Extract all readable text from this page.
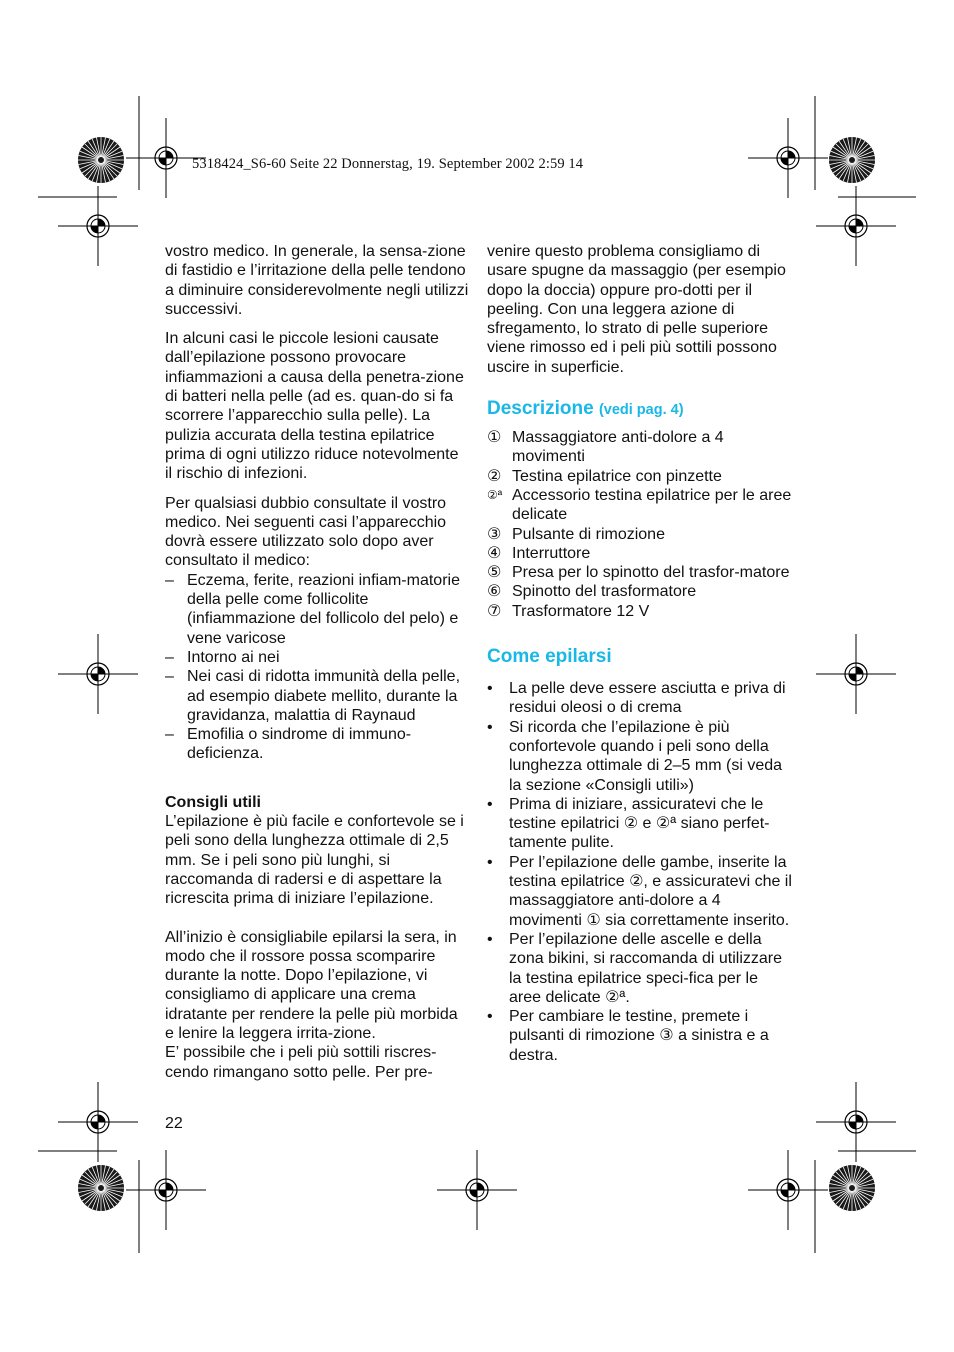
5318424_S6-60 Seite 22 Donnerstag, 19. September 2002 2:59 14

vostro medico. In generale, la sensa-zione di fastidio e l’irritazione della pelle tendono a diminuire considerevolmente negli utilizzi successivi.

In alcuni casi le piccole lesioni causate dall’epilazione possono provocare infiammazioni a causa della penetra-zione di batteri nella pelle (ad es. quan-do si fa scorrere l’apparecchio sulla pelle). La pulizia accurata della testina epilatrice prima di ogni utilizzo riduce notevolmente il rischio di infezioni.

Per qualsiasi dubbio consultate il vostro medico. Nei seguenti casi l’apparecchio dovrà essere utilizzato solo dopo aver consultato il medico:

– Eczema, ferite, reazioni infiam-matorie della pelle come follicolite (infiammazione del follicolo del pelo) e vene varicose
– Intorno ai nei
– Nei casi di ridotta immunità della pelle, ad esempio diabete mellito, durante la gravidanza, malattia di Raynaud
– Emofilia o sindrome di immuno-deficienza.
Consigli utili

L’epilazione è più facile e confortevole se i peli sono della lunghezza ottimale di 2,5 mm. Se i peli sono più lunghi, si raccomanda di radersi e di aspettare la ricrescita prima di iniziare l’epilazione.

All’inizio è consigliabile epilarsi la sera, in modo che il rossore possa scomparire durante la notte. Dopo l’epilazione, vi consigliamo di applicare una crema idratante per rendere la pelle più morbida e lenire la leggera irrita-zione.

E’ possibile che i peli più sottili riscres-cendo rimangano sotto pelle. Per pre-

venire questo problema consigliamo di usare spugne da massaggio (per esempio dopo la doccia) oppure pro-dotti per il peeling. Con una leggera azione di sfregamento, lo strato di pelle superiore viene rimosso ed i peli più sottili possono uscire in superficie.

Descrizione (vedi pag. 4)
① Massaggiatore anti-dolore a 4 movimenti
② Testina epilatrice con pinzette
②ª Accessorio testina epilatrice per le aree delicate
③ Pulsante di rimozione
④ Interruttore
⑤ Presa per lo spinotto del trasfor-matore
⑥ Spinotto del trasformatore
⑦ Trasformatore 12 V
Come epilarsi
• La pelle deve essere asciutta e priva di residui oleosi o di crema
• Si ricorda che l’epilazione è più confortevole quando i peli sono della lunghezza ottimale di 2–5 mm (si veda la sezione «Consigli utili»)
• Prima di iniziare, assicuratevi che le testine epilatrici ② e ②ª siano perfet-tamente pulite.
• Per l’epilazione delle gambe, inserite la testina epilatrice ②, e assicuratevi che il massaggiatore anti-dolore a 4 movimenti ① sia correttamente inserito.
• Per l’epilazione delle ascelle e della zona bikini, si raccomanda di utilizzare la testina epilatrice speci-fica per le aree delicate ②ª.
• Per cambiare le testine, premete i pulsanti di rimozione ③ a sinistra e a destra.
22
